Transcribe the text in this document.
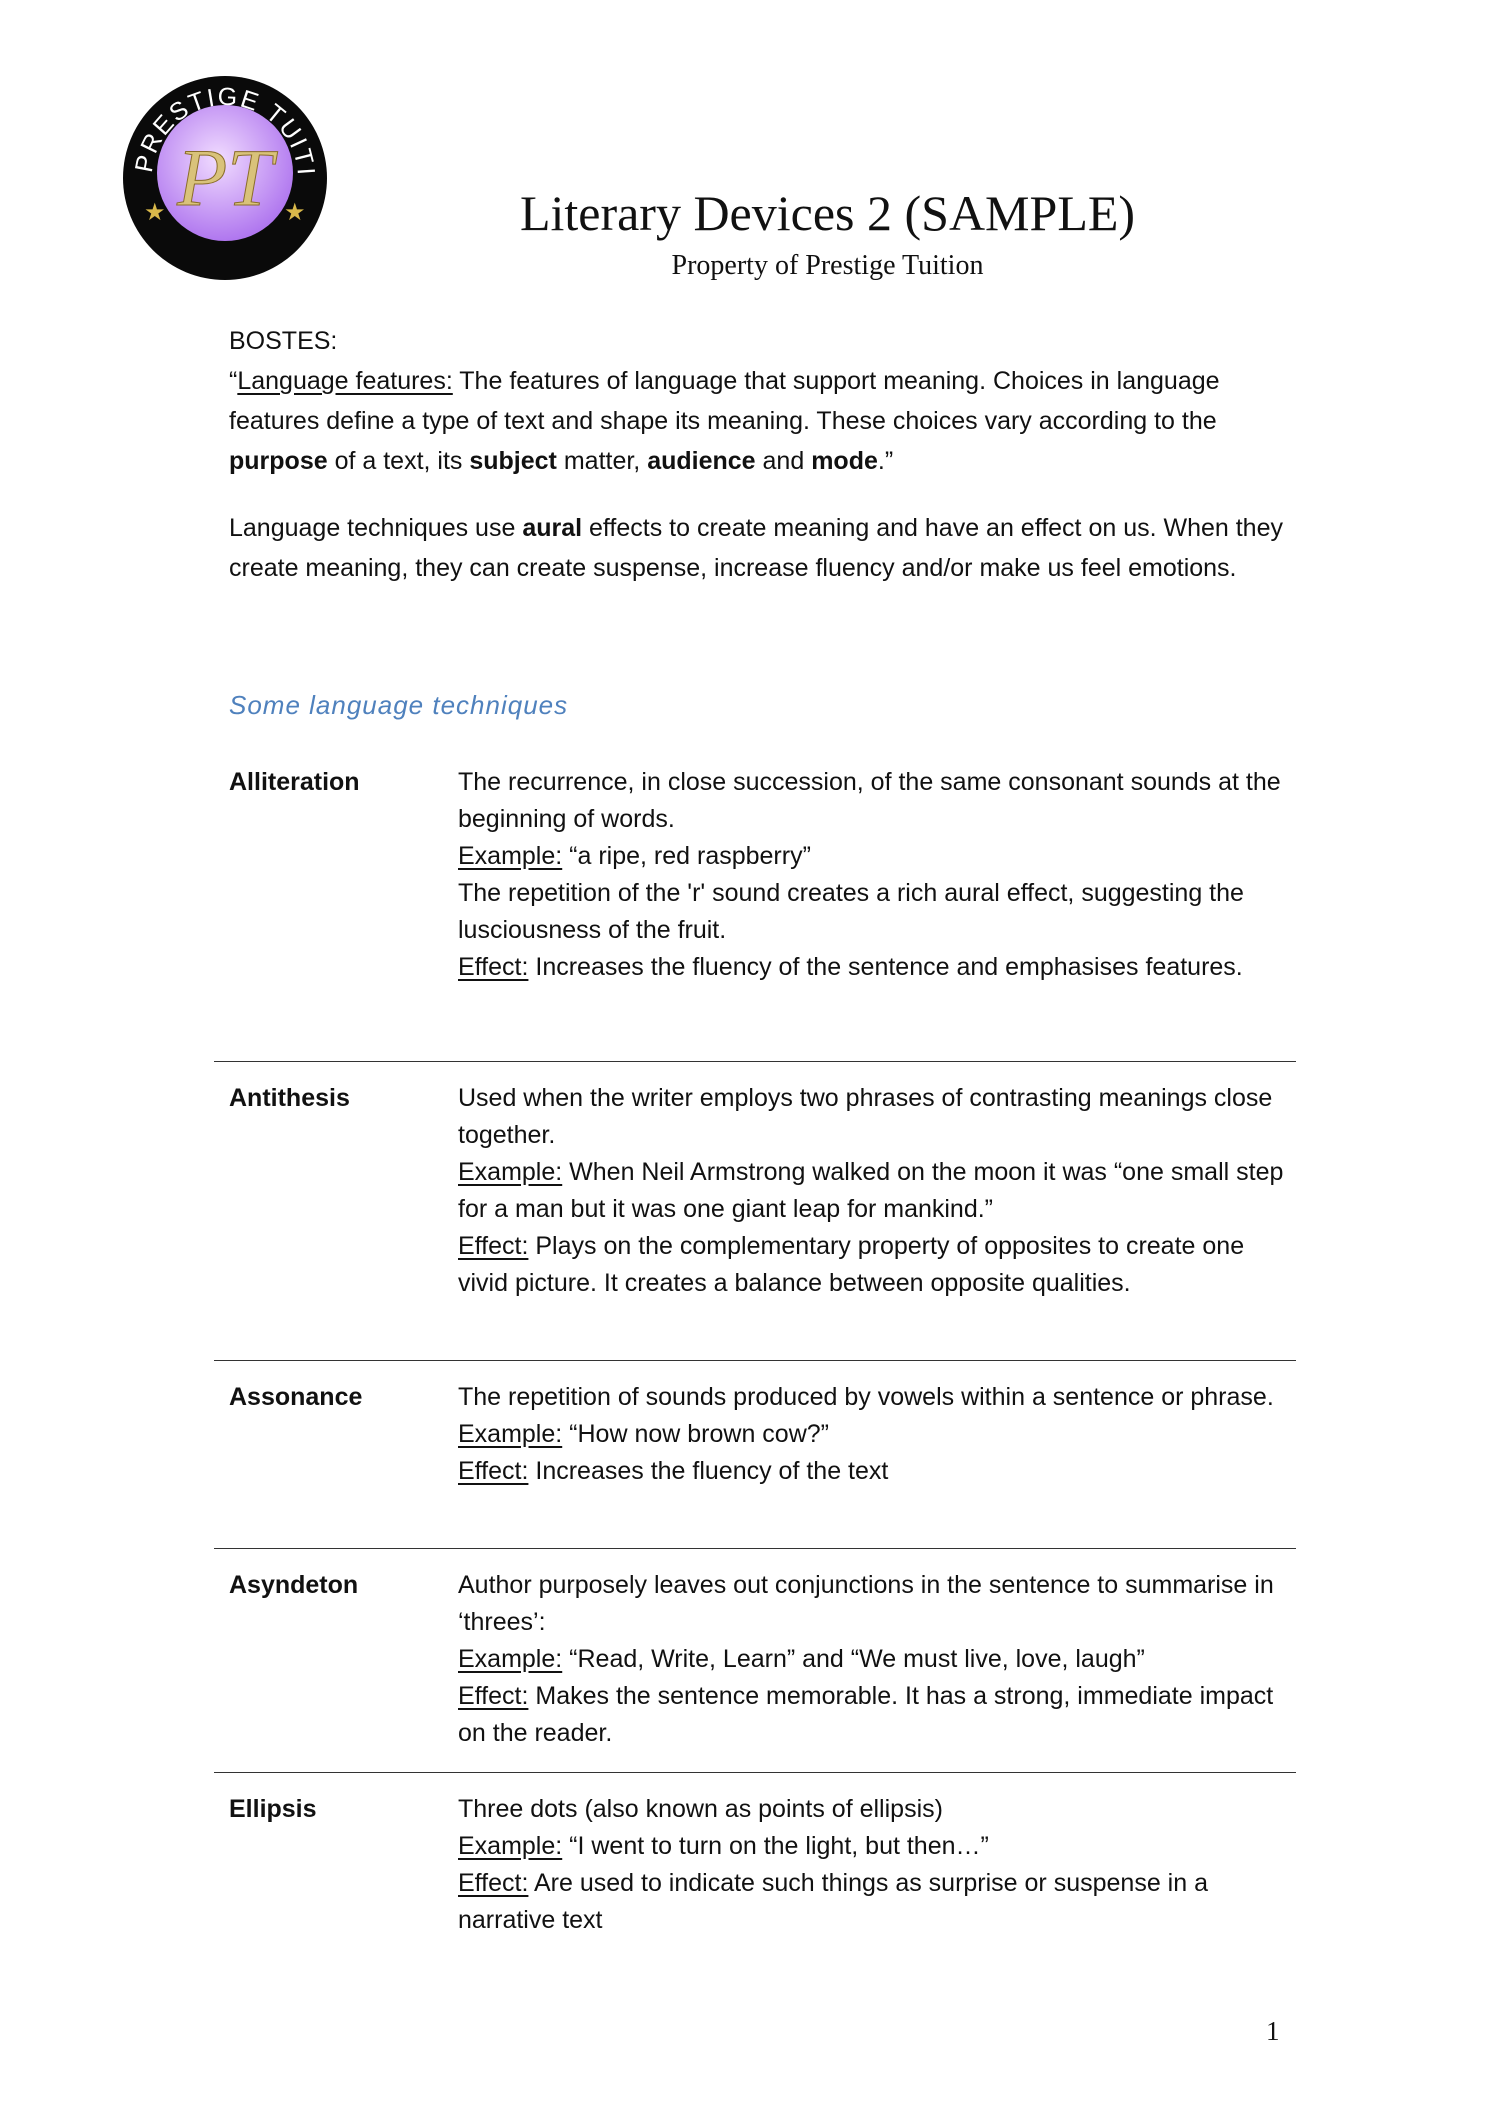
PRESTIGE TUITI
PT
★	★	Literary Devices 2 (SAMPLE)
Property of Prestige Tuition
BOSTES:
“Language features: The features of language that support meaning. Choices in language features define a type of text and shape its meaning. These choices vary according to the purpose of a text, its subject matter, audience and mode.”
Language techniques use aural effects to create meaning and have an effect on us. When they create meaning, they can create suspense, increase fluency and/or make us feel emotions.
Some language techniques
Alliteration	The recurrence, in close succession, of the same consonant sounds at the beginning of words.
Example: “a ripe, red raspberry”
The repetition of the 'r' sound creates a rich aural effect, suggesting the lusciousness of the fruit.
Effect: Increases the fluency of the sentence and emphasises features.
Antithesis	Used when the writer employs two phrases of contrasting meanings close together.
Example: When Neil Armstrong walked on the moon it was “one small step for a man but it was one giant leap for mankind.”
Effect: Plays on the complementary property of opposites to create one vivid picture. It creates a balance between opposite qualities.
Assonance	The repetition of sounds produced by vowels within a sentence or phrase.
Example: “How now brown cow?”
Effect: Increases the fluency of the text
Asyndeton	Author purposely leaves out conjunctions in the sentence to summarise in ‘threes’:
Example: “Read, Write, Learn” and “We must live, love, laugh”
Effect: Makes the sentence memorable. It has a strong, immediate impact on the reader.
Ellipsis	Three dots (also known as points of ellipsis)
Example: “I went to turn on the light, but then…”
Effect: Are used to indicate such things as surprise or suspense in a narrative text
1
